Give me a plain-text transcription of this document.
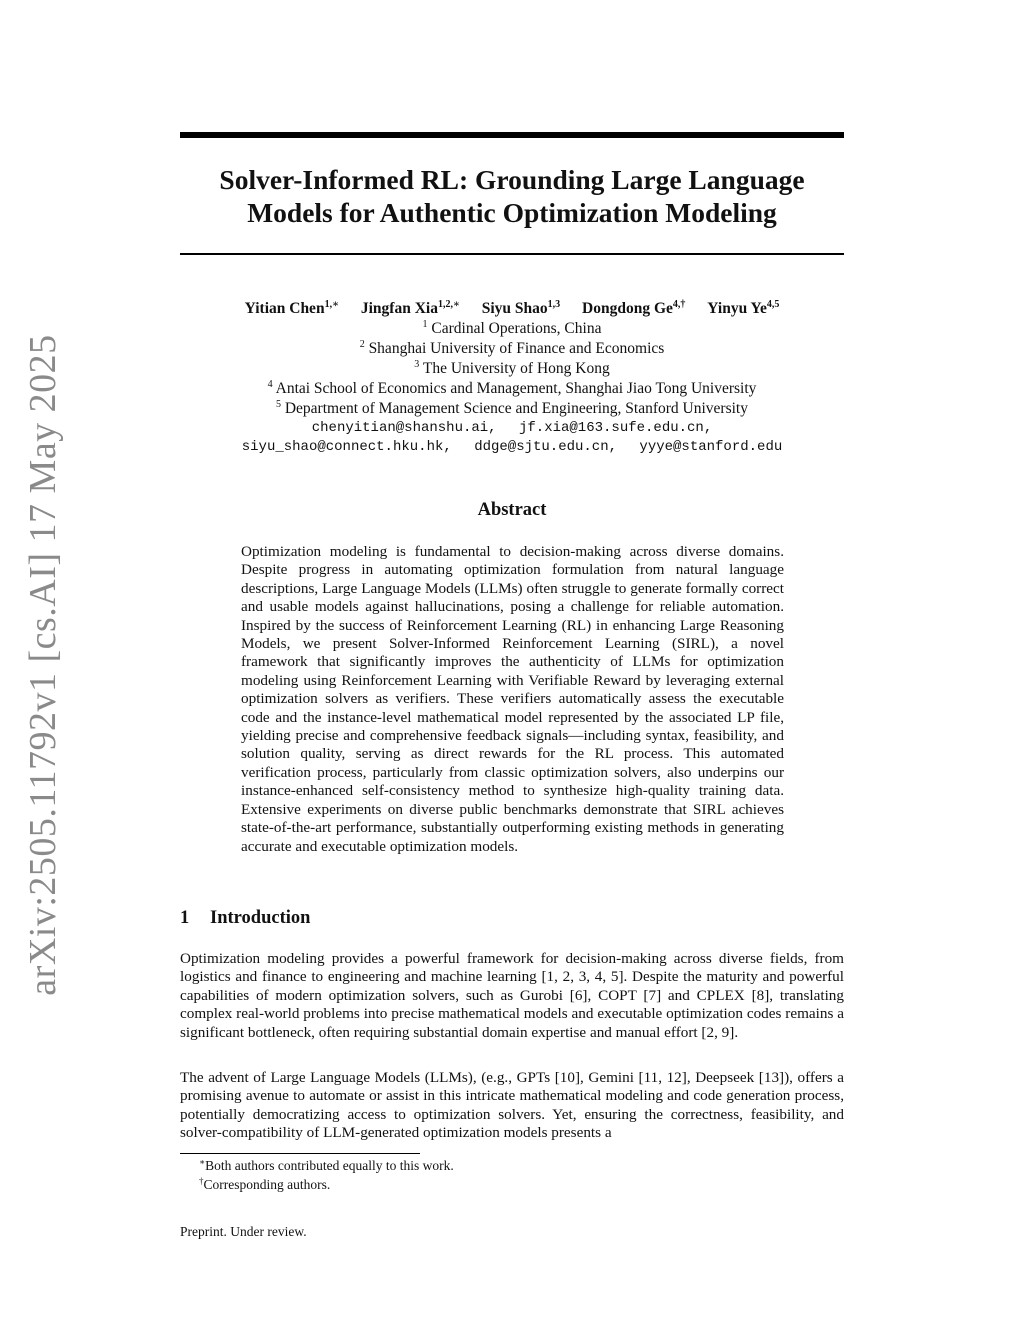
arXiv:2505.11792v1 [cs.AI] 17 May 2025
Solver-Informed RL: Grounding Large Language
Models for Authentic Optimization Modeling
Yitian Chen$^{1,∗}$ Jingfan Xia$^{1,2,∗}$ Siyu Shao$^{1,3}$ Dongdong $Ge^{4,\dagger}$ Yinyu Ye$^{4,5}$
$^1$ Cardinal Operations, China
$^2$ Shanghai University of Finance and Economics
$^3$ The University of Hong Kong
$^4$ Antai School of Economics and Management, Shanghai Jiao Tong University
$^5$ Department of Management Science and Engineering, Stanford University
chenyitian@shanshu.ai, jf.xia@163.sufe.edu.cn,
siyu_shao@connect.hku.hk, ddge@sjtu.edu.cn, yyye@stanford.edu
Abstract

Optimization modeling is fundamental to decision-making across diverse domains. Despite progress in automating optimization formulation from natural language descriptions, Large Language Models (LLMs) often struggle to generate formally correct and usable models against hallucinations, posing a challenge for reliable automation. Inspired by the success of Reinforcement Learning (RL) in enhancing Large Reasoning Models, we present Solver-Informed Reinforcement Learning (SIRL), a novel framework that significantly improves the authenticity of LLMs for optimization modeling using Reinforcement Learning with Verifiable Reward by leveraging external optimization solvers as verifiers. These verifiers automatically assess the executable code and the instance-level mathematical model represented by the associated LP file, yielding precise and comprehensive feedback signals—including syntax, feasibility, and solution quality, serving as direct rewards for the RL process. This automated verification process, particularly from classic optimization solvers, also underpins our instance-enhanced self-consistency method to synthesize high-quality training data. Extensive experiments on diverse public benchmarks demonstrate that SIRL achieves state-of-the-art performance, substantially outperforming existing methods in generating accurate and executable optimization models.

1 Introduction

Optimization modeling provides a powerful framework for decision-making across diverse fields, from logistics and finance to engineering and machine learning [1, 2, 3, 4, 5]. Despite the maturity and powerful capabilities of modern optimization solvers, such as Gurobi [6], COPT [7] and CPLEX [8], translating complex real-world problems into precise mathematical models and executable optimization codes remains a significant bottleneck, often requiring substantial domain expertise and manual effort [2, 9].

The advent of Large Language Models (LLMs), (e.g., GPTs [10], Gemini [11, 12], Deepseek [13]), offers a promising avenue to automate or assist in this intricate mathematical modeling and code generation process, potentially democratizing access to optimization solvers. Yet, ensuring the correctness, feasibility, and solver-compatibility of LLM-generated optimization models presents a

∗Both authors contributed equally to this work.
†Corresponding authors.
Preprint. Under review.
